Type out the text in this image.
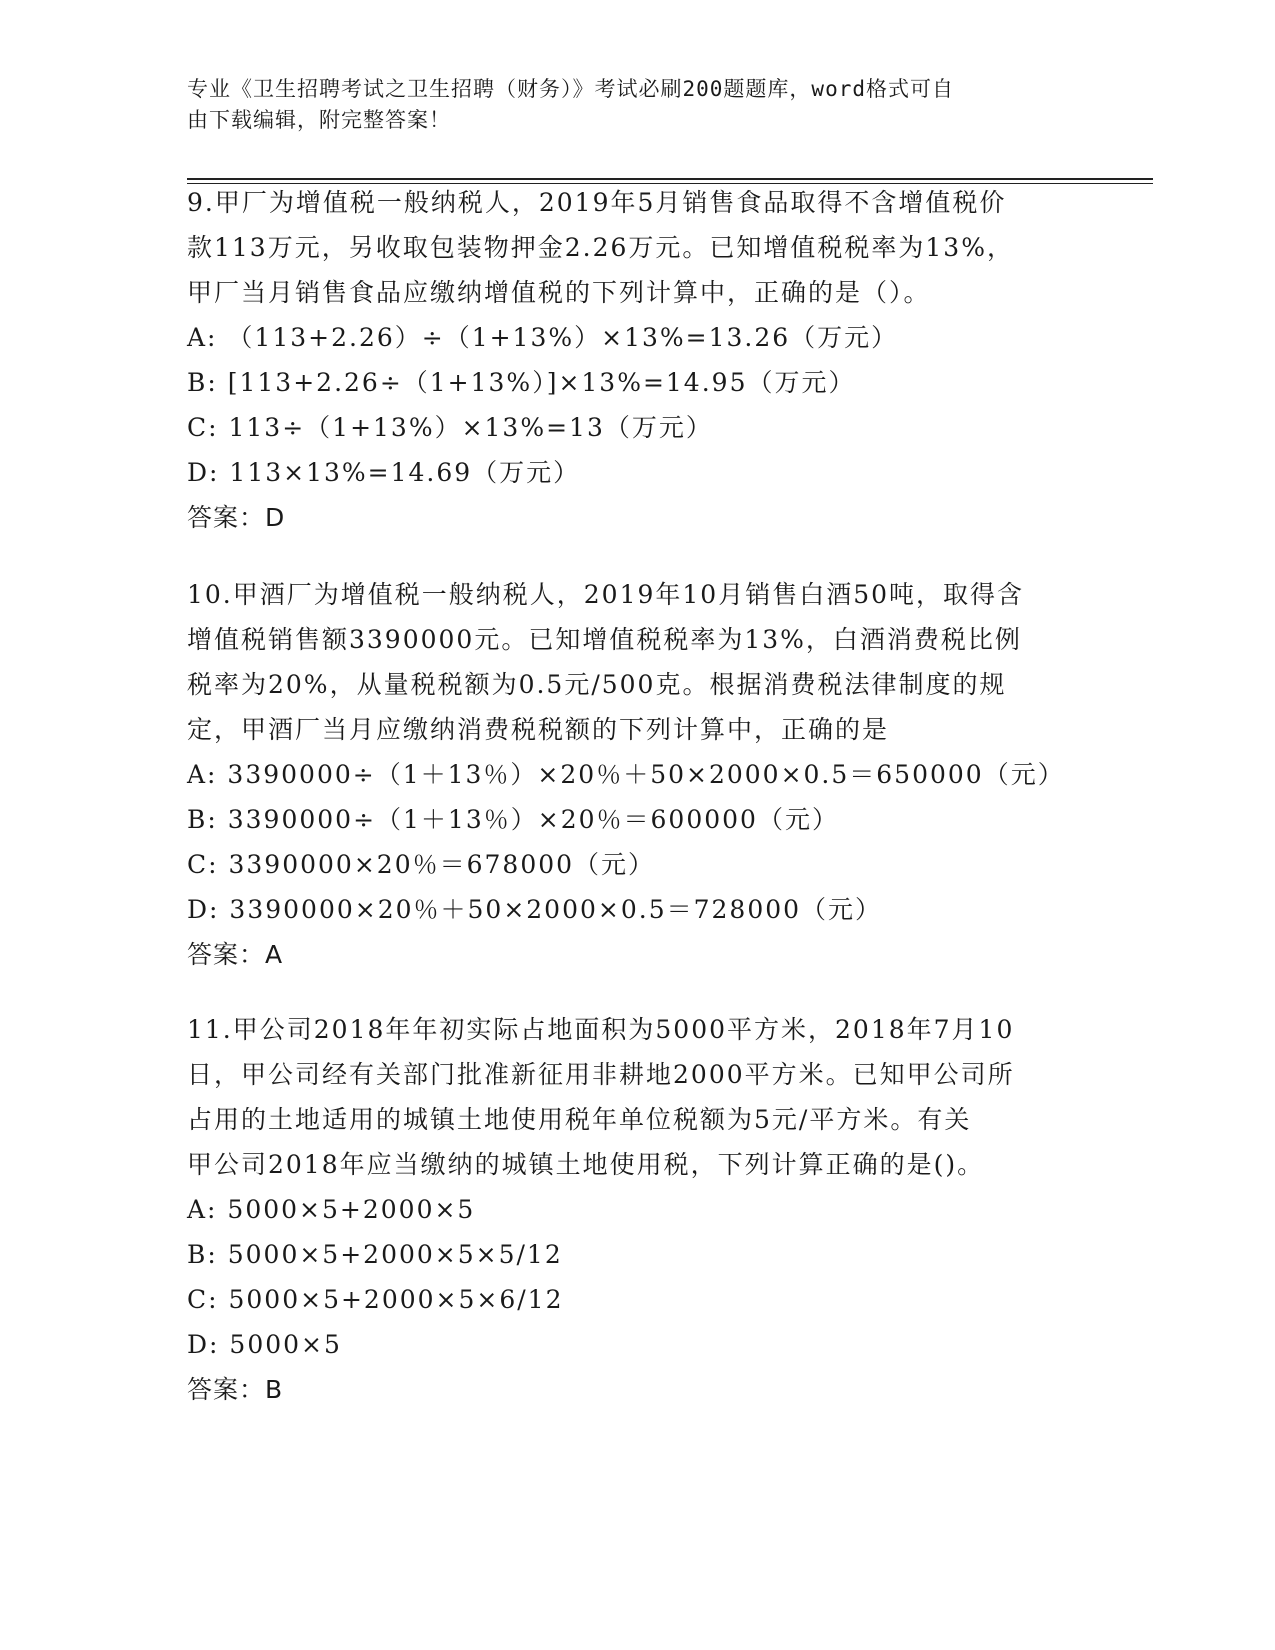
专业《卫生招聘考试之卫生招聘（财务）》考试必刷200题题库，word格式可自
由下载编辑，附完整答案！
9.甲厂为增值税一般纳税人，2019年5月销售食品取得不含增值税价
款113万元，另收取包装物押金2.26万元。已知增值税税率为13%，
甲厂当月销售食品应缴纳增值税的下列计算中，正确的是（）。
A: （113+2.26）÷（1+13%）×13%=13.26（万元）
B: [113+2.26÷（1+13%）]×13%=14.95（万元）
C: 113÷（1+13%）×13%=13（万元）
D: 113×13%=14.69（万元）
答案：D
10.甲酒厂为增值税一般纳税人，2019年10月销售白酒50吨，取得含
增值税销售额3390000元。已知增值税税率为13%，白酒消费税比例
税率为20%，从量税税额为0.5元/500克。根据消费税法律制度的规
定，甲酒厂当月应缴纳消费税税额的下列计算中，正确的是
A: 3390000÷（1＋13％）×20％＋50×2000×0.5＝650000（元）
B: 3390000÷（1＋13％）×20％＝600000（元）
C: 3390000×20％＝678000（元）
D: 3390000×20％＋50×2000×0.5＝728000（元）
答案：A
11.甲公司2018年年初实际占地面积为5000平方米，2018年7月10
日，甲公司经有关部门批准新征用非耕地2000平方米。已知甲公司所
占用的土地适用的城镇土地使用税年单位税额为5元/平方米。有关
甲公司2018年应当缴纳的城镇土地使用税，下列计算正确的是()。
A: 5000×5+2000×5
B: 5000×5+2000×5×5/12
C: 5000×5+2000×5×6/12
D: 5000×5
答案：B
